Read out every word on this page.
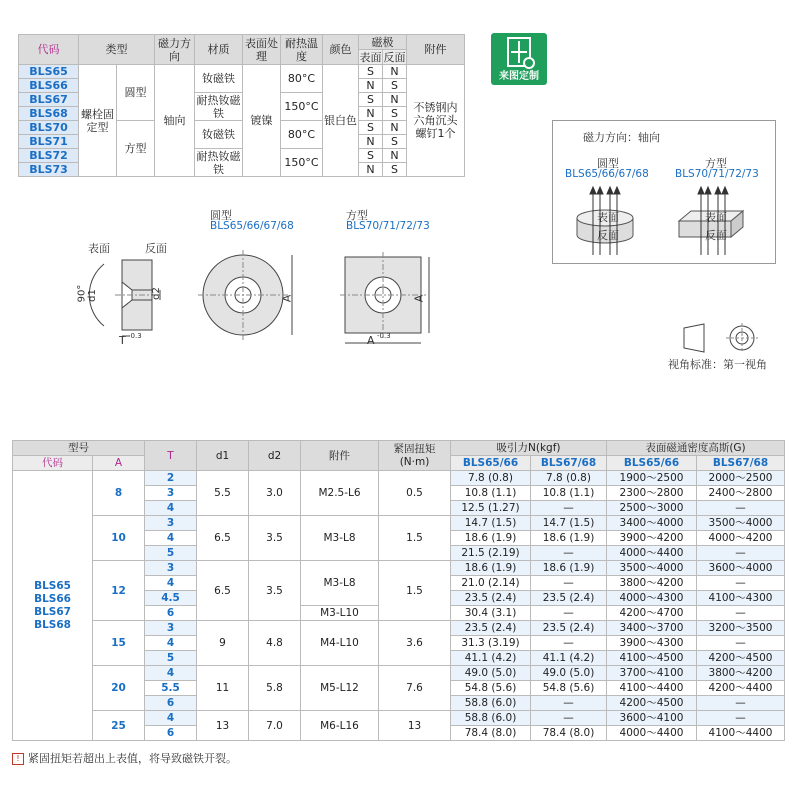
代码	类型		磁力方向	材质	表面处理	耐热温度	颜色	磁极		附件
								表面	反面	
BLS65	螺栓固定型	圆型	轴向	钕磁铁	镀镍	80°C	银白色	S	N	不锈钢内六角沉头螺钉1个
BLS66								N	S	
BLS67				耐热钕磁铁		150°C		S	N	
BLS68								N	S	
BLS70		方型		钕磁铁		80°C		S	N	
BLS71								N	S	
BLS72				耐热钕磁铁		150°C		S	N	
BLS73								N	S	
来图定制
磁力方向：轴向
圆型
BLS65/66/67/68
方型
BLS70/71/72/73
表面
反面
表面
反面
表面	反面
圆型
BLS65/66/67/68
方型
BLS70/71/72/73
90° d1	d2
T -0.3
A	A
A -0.3
视角标准：第一视角
型号		T	d1	d2	附件	紧固扭矩(N·m)	吸引力N(kgf)		表面磁通密度高斯(G)	
代码	A						BLS65/66	BLS67/68	BLS65/66	BLS67/68

BLS65
BLS66
BLS67
BLS68	8	2	5.5	3.0	M2.5-L6	0.5	7.8 (0.8)	7.8 (0.8)	1900～2500	2000～2500
		3					10.8 (1.1)	10.8 (1.1)	2300～2800	2400～2800
		4					12.5 (1.27)	—	2500～3000	—
	10	3	6.5	3.5	M3-L8	1.5	14.7 (1.5)	14.7 (1.5)	3400～4000	3500～4000
		4					18.6 (1.9)	18.6 (1.9)	3900～4200	4000～4200
		5					21.5 (2.19)	—	4000～4400	—
	12	3	6.5	3.5	M3-L8	1.5	18.6 (1.9)	18.6 (1.9)	3500～4000	3600～4000
		4					21.0 (2.14)	—	3800～4200	—
		4.5					23.5 (2.4)	23.5 (2.4)	4000～4300	4100～4300
		6			M3-L10		30.4 (3.1)	—	4200～4700	—
	15	3	9	4.8	M4-L10	3.6	23.5 (2.4)	23.5 (2.4)	3400～3700	3200～3500
		4					31.3 (3.19)	—	3900～4300	—
		5					41.1 (4.2)	41.1 (4.2)	4100～4500	4200～4500
	20	4	11	5.8	M5-L12	7.6	49.0 (5.0)	49.0 (5.0)	3700～4100	3800～4200
		5.5					54.8 (5.6)	54.8 (5.6)	4100～4400	4200～4400
		6					58.8 (6.0)	—	4200～4500	—
	25	4	13	7.0	M6-L16	13	58.8 (6.0)	—	3600～4100	—
		6					78.4 (8.0)	78.4 (8.0)	4000～4400	4100～4400
! 紧固扭矩若超出上表值，将导致磁铁开裂。
